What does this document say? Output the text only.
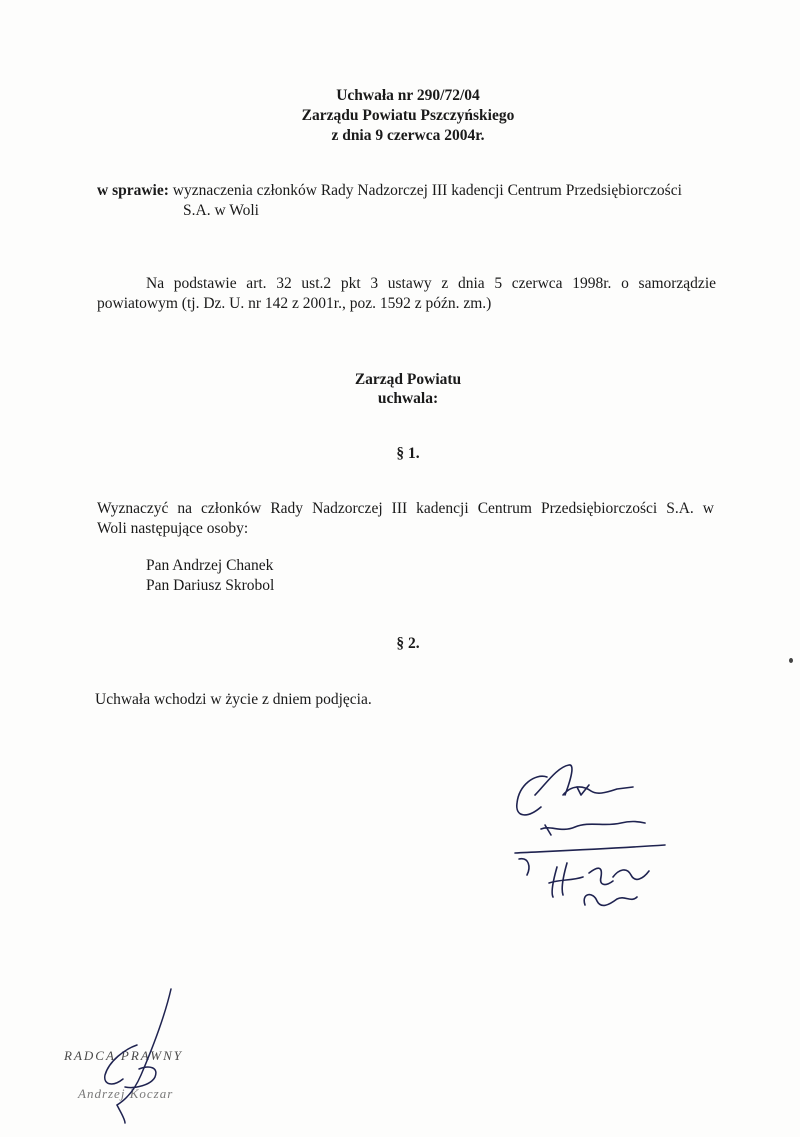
Uchwała nr 290/72/04
Zarządu Powiatu Pszczyńskiego
z dnia 9 czerwca 2004r.
w sprawie: wyznaczenia członków Rady Nadzorczej III kadencji Centrum Przedsiębiorczości
S.A. w Woli
Na podstawie art. 32 ust.2 pkt 3 ustawy z dnia 5 czerwca 1998r. o samorządzie
powiatowym (tj. Dz. U. nr 142 z 2001r., poz. 1592 z późn. zm.)
Zarząd Powiatu
uchwala:
§ 1.
Wyznaczyć na członków Rady Nadzorczej III kadencji Centrum Przedsiębiorczości S.A. w
Woli następujące osoby:
Pan Andrzej Chanek
Pan Dariusz Skrobol
§ 2.
Uchwała wchodzi w życie z dniem podjęcia.
RADCA PRAWNY
Andrzej Koczar
